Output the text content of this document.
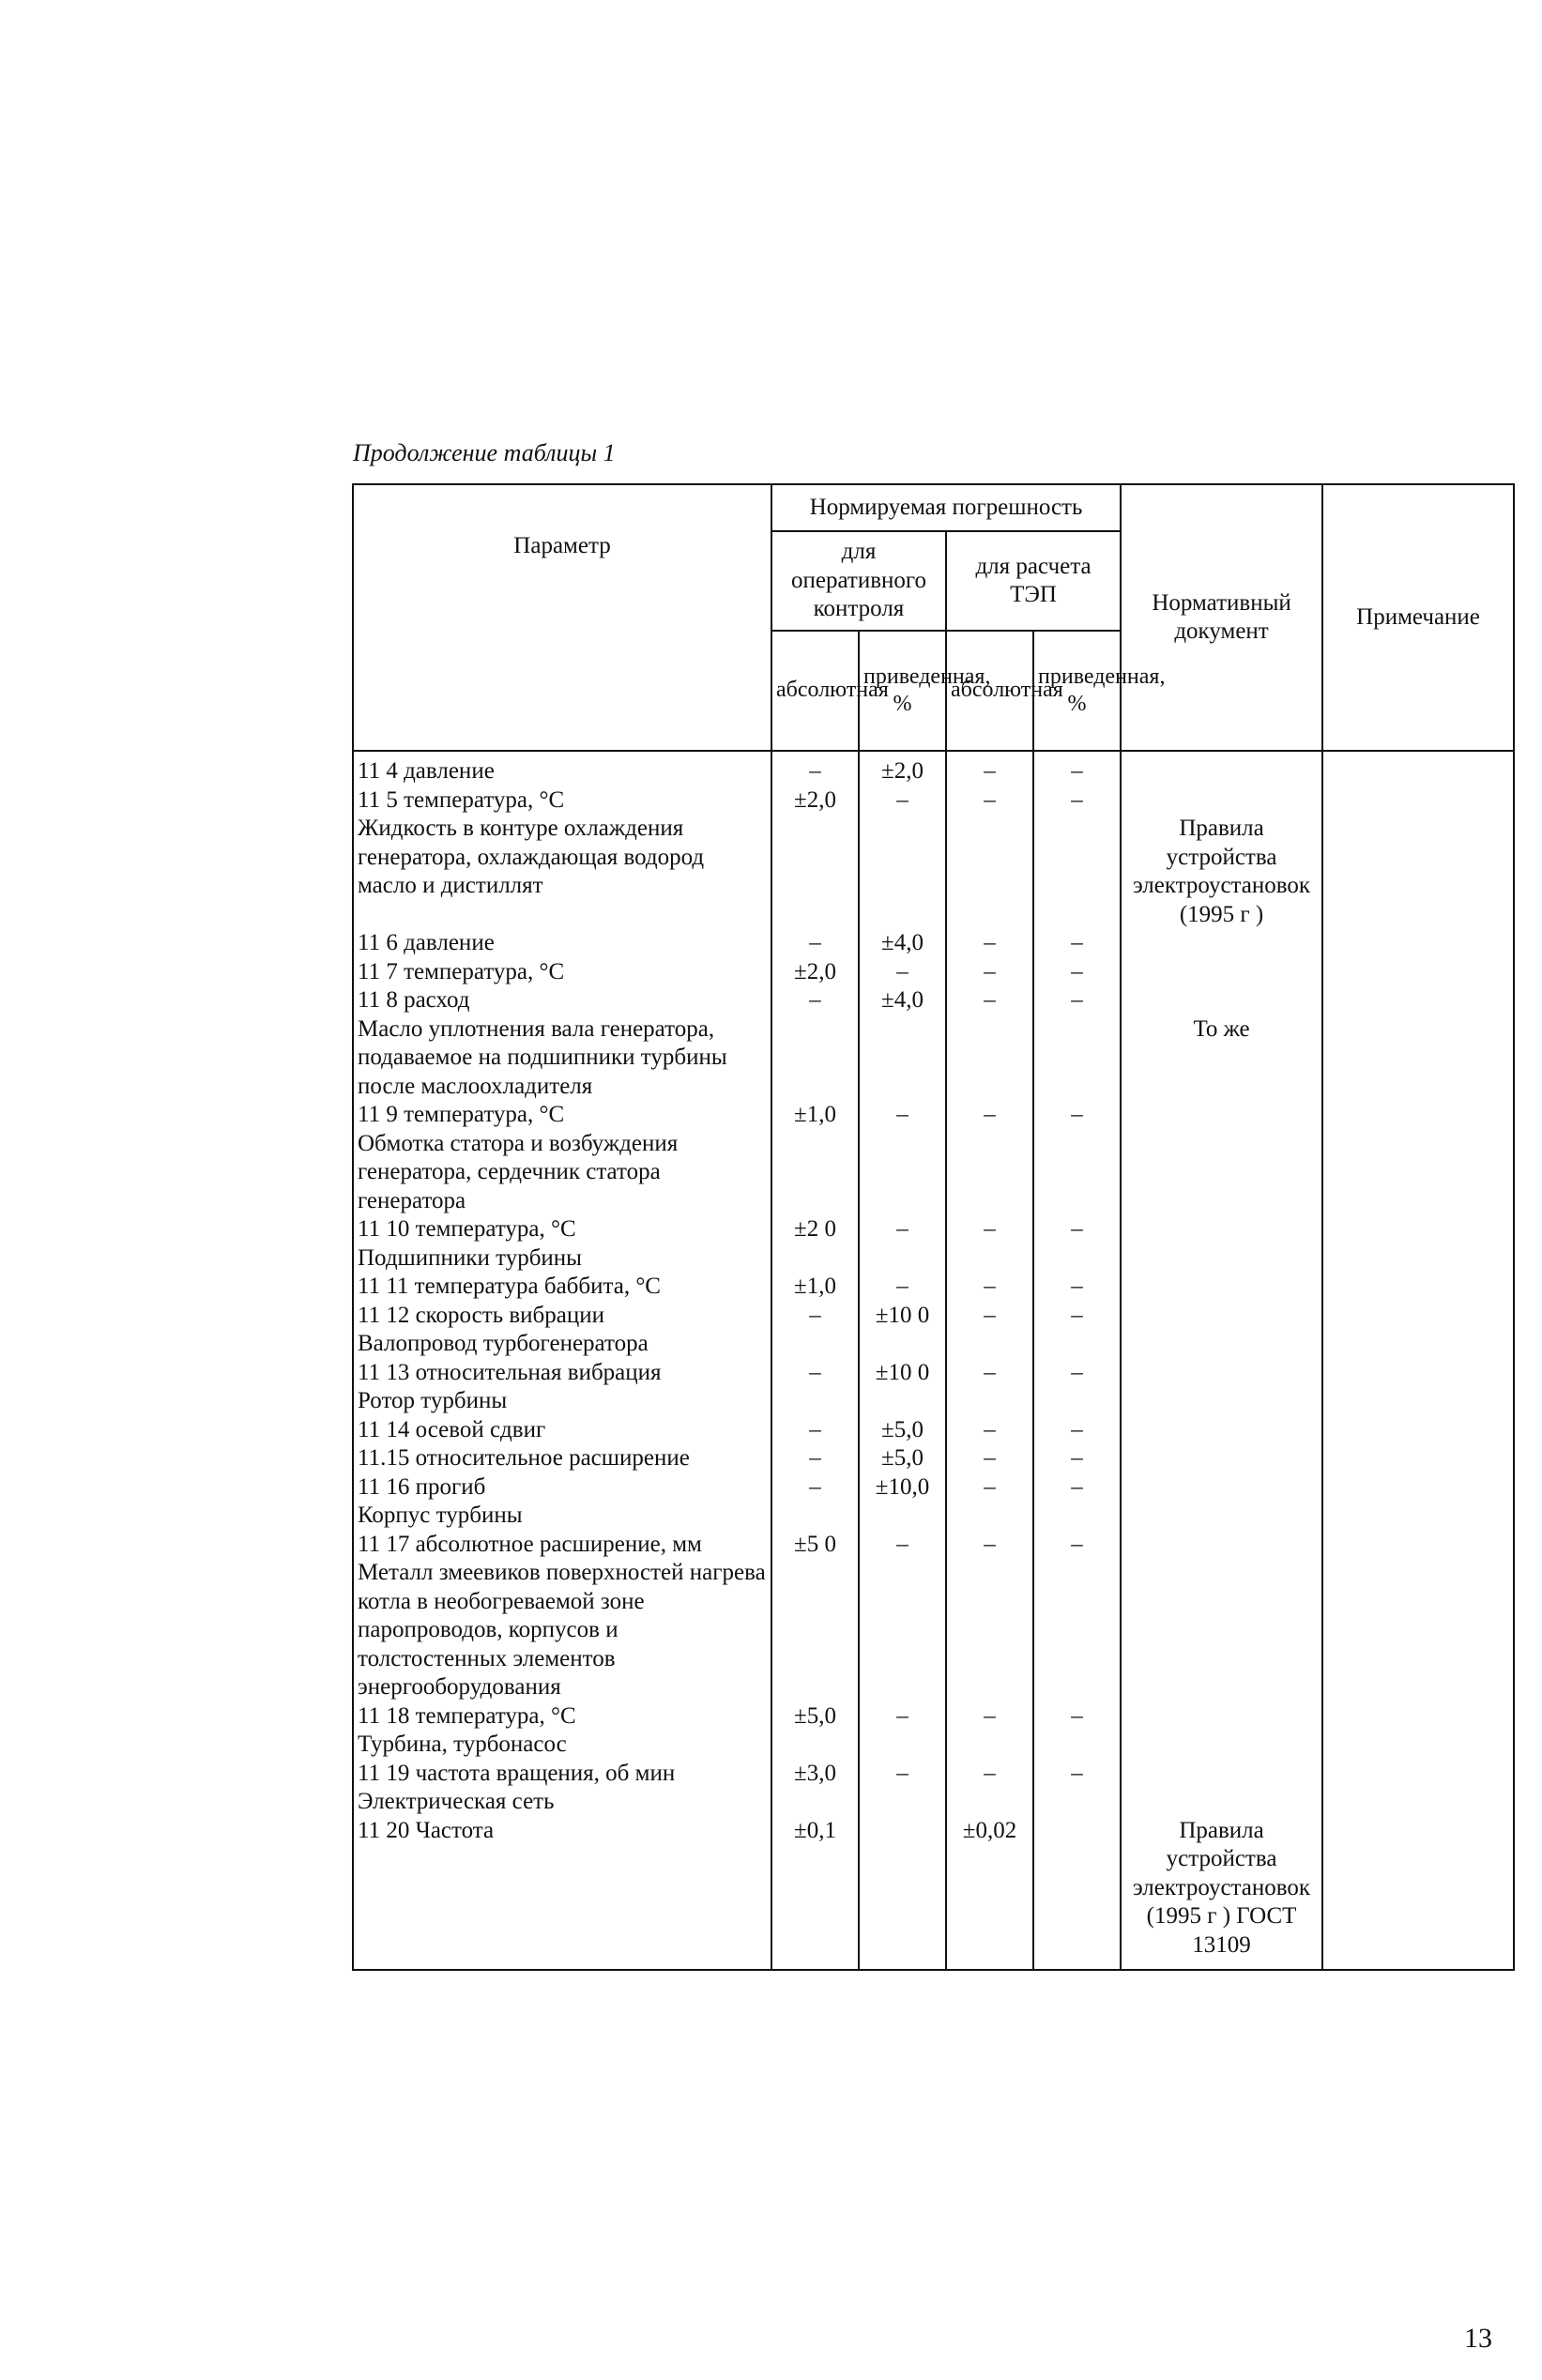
Продолжение таблицы 1
Параметр	Нормируемая погрешность				Нормативный документ	Примечание
	для оперативного контроля		для расчета ТЭП			
	абсолютная	приведенная, %	абсолютная	приведенная, %		
11 4 давление	–	±2,0	–	–		
11 5 температура, °С	±2,0	–	–	–		
Жидкость в контуре охлаждения генератора, охлаждающая водород масло и дистиллят					Правила устройства электроустановок (1995 г )	
11 6 давление	–	±4,0	–	–		
11 7 температура, °С	±2,0	–	–	–		
11 8 расход	–	±4,0	–	–		
Масло уплотнения вала генератора, подаваемое на подшипники турбины после маслоохладителя					То же	
11 9 температура, °С	±1,0	–	–	–		
Обмотка статора и возбуждения генератора, сердечник статора генератора						
11 10 температура, °С	±2 0	–	–	–		
Подшипники турбины						
11 11 температура баббита, °С	±1,0	–	–	–		
11 12 скорость вибрации	–	±10 0	–	–		
Валопровод турбогенератора						
11 13 относительная вибрация	–	±10 0	–	–		
Ротор турбины						
11 14 осевой сдвиг	–	±5,0	–	–		
11.15 относительное расширение	–	±5,0	–	–		
11 16 прогиб	–	±10,0	–	–		
Корпус турбины						
11 17 абсолютное расширение, мм	±5 0	–	–	–		
Металл змеевиков поверхностей нагрева котла в необогреваемой зоне паропроводов, корпусов и толстостенных элементов энергооборудования						
11 18 температура, °С	±5,0	–	–	–		
Турбина, турбонасос						
11 19 частота вращения, об мин	±3,0	–	–	–		
Электрическая сеть						
11 20 Частота	±0,1		±0,02		Правила устройства электроустановок (1995 г ) ГОСТ 13109	
13
